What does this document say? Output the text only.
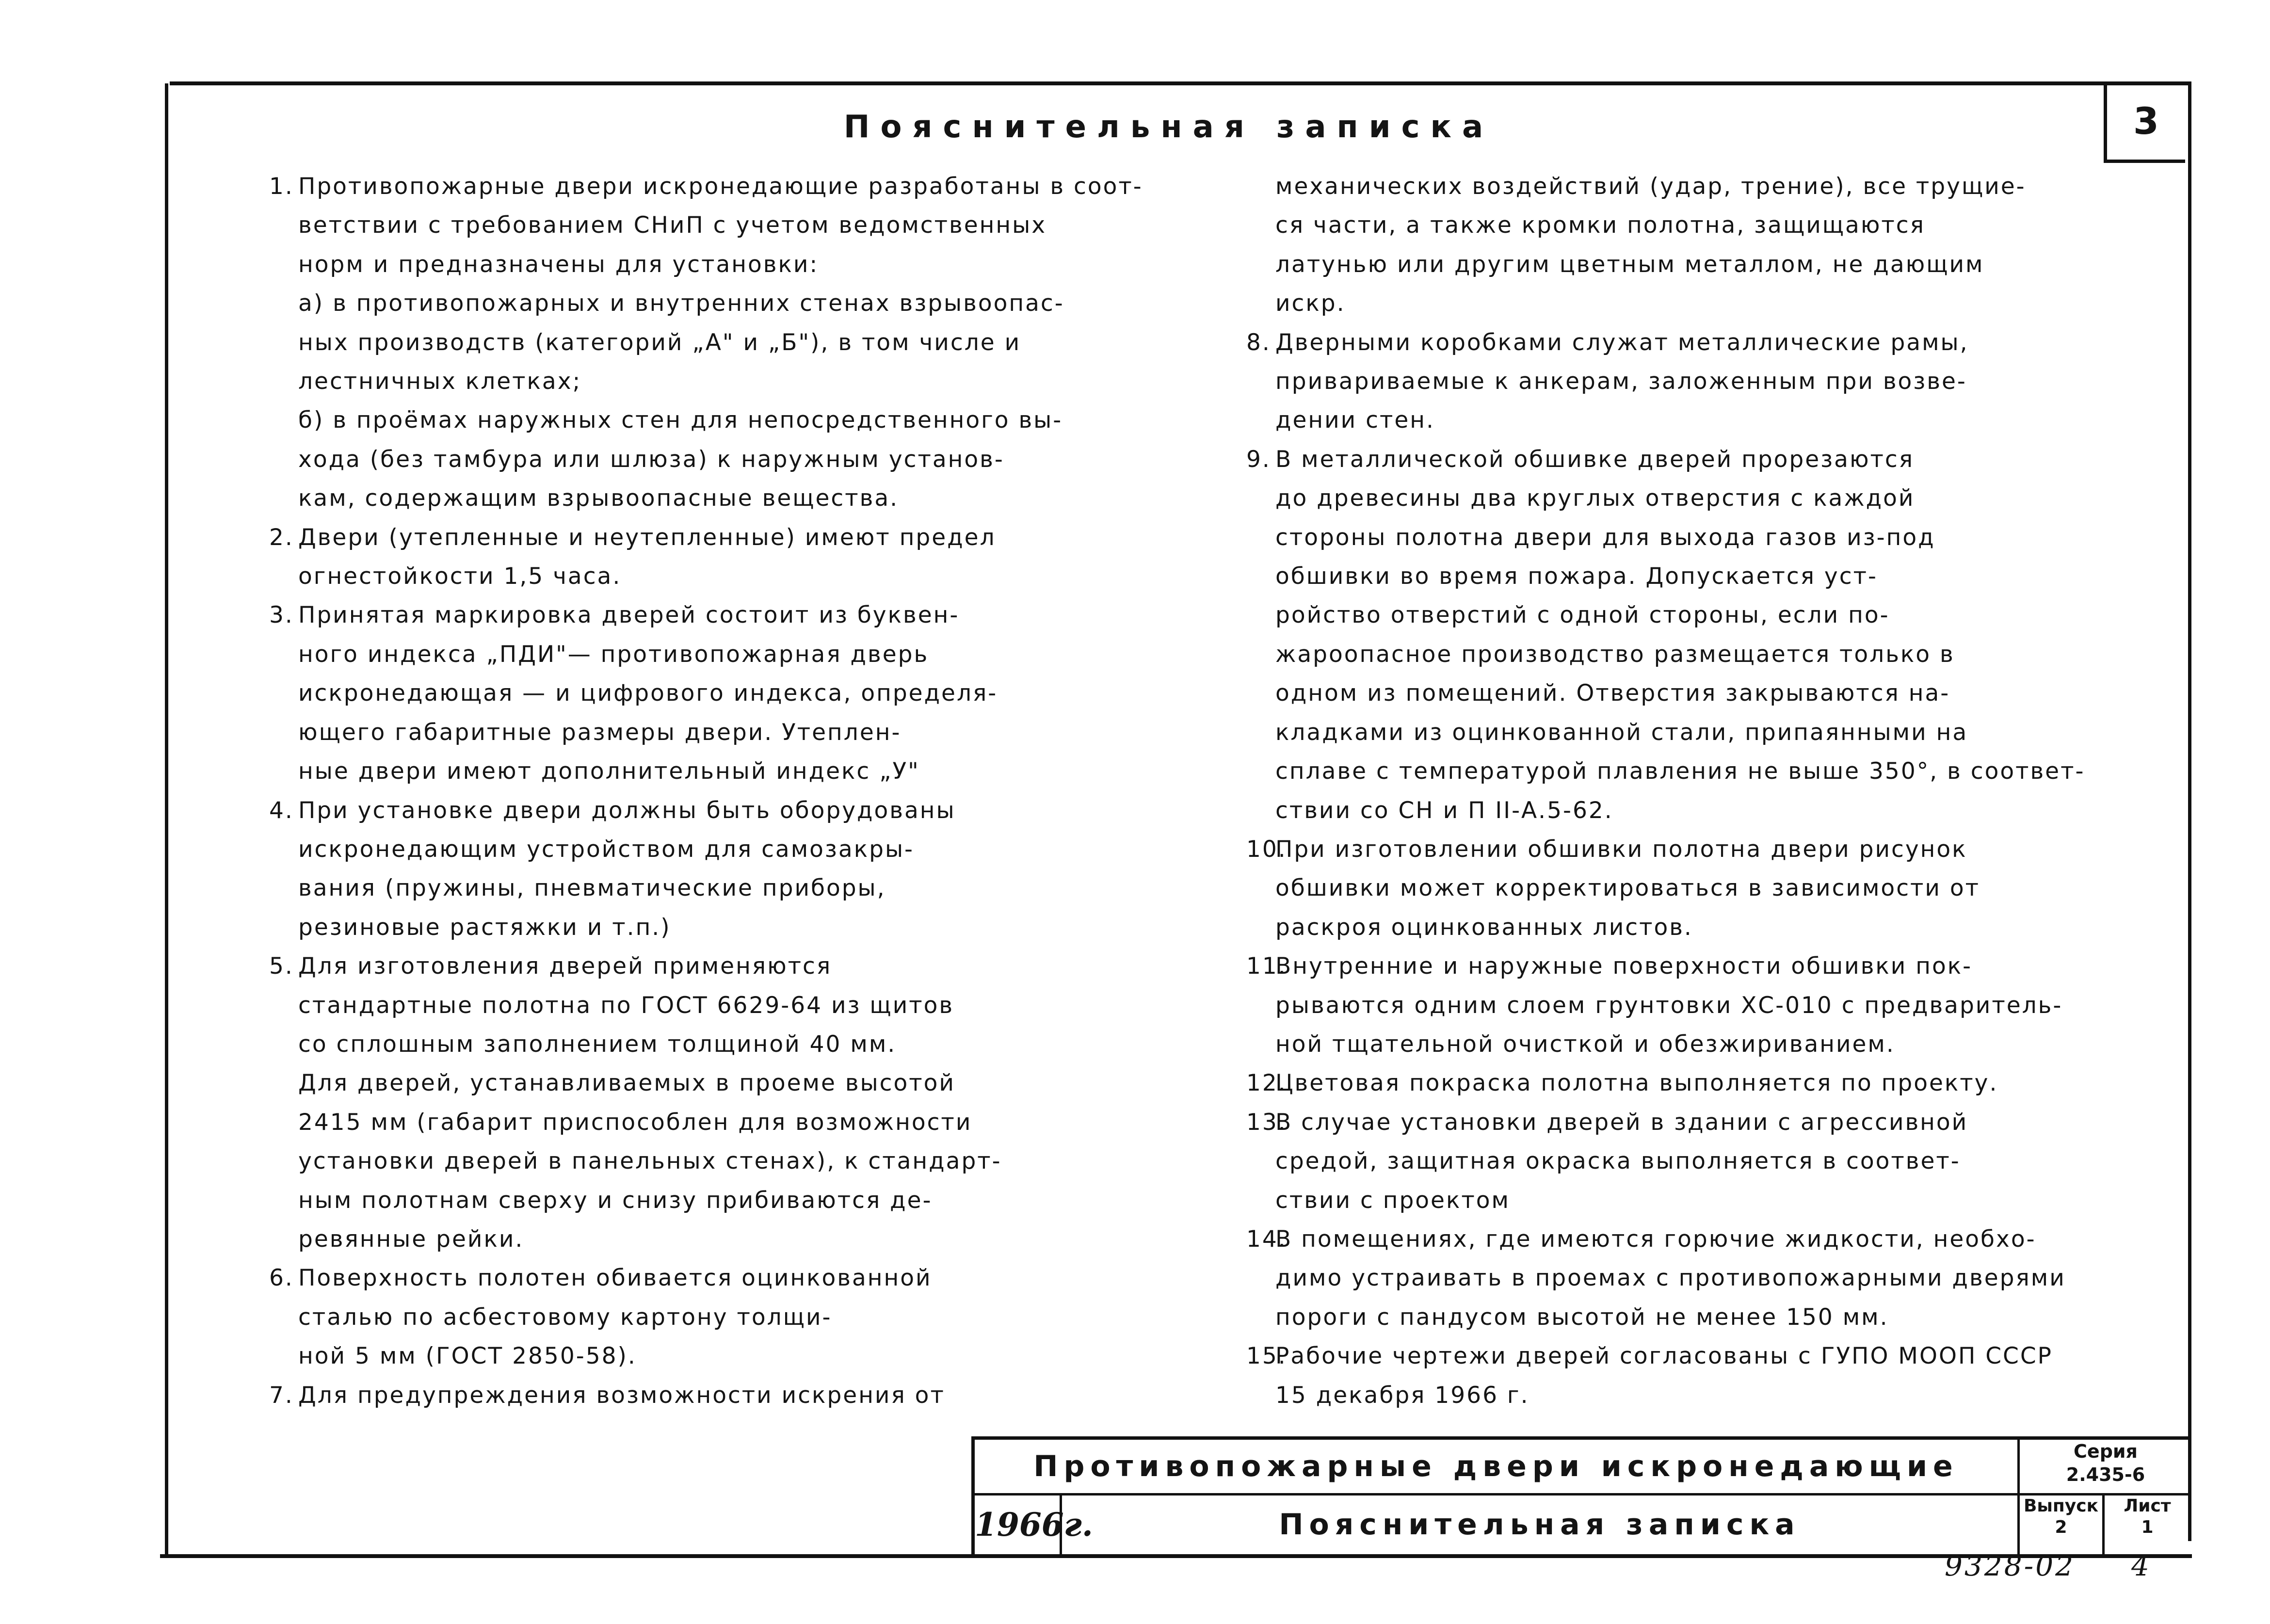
Пояснительная записка	3
1. Противопожарные двери искронедающие разработаны в соот-
ветствии с требованием СНиП с учетом ведомственных
норм и предназначены для установки:
а) в противопожарных и внутренних стенах взрывоопас-
ных производств (категорий „А" и „Б"), в том числе и
лестничных клетках;
б) в проёмах наружных стен для непосредственного вы-
хода (без тамбура или шлюза) к наружным установ-
кам, содержащим взрывоопасные вещества.
2. Двери (утепленные и неутепленные) имеют предел
огнестойкости 1,5 часа.
3. Принятая маркировка дверей состоит из буквен-
ного индекса „ПДИ"— противопожарная дверь
искронедающая — и цифрового индекса, определя-
ющего габаритные размеры двери. Утеплен-
ные двери имеют дополнительный индекс „У"
4. При установке двери должны быть оборудованы
искронедающим устройством для самозакры-
вания (пружины, пневматические приборы,
резиновые растяжки и т.п.)
5. Для изготовления дверей применяются
стандартные полотна по ГОСТ 6629-64 из щитов
со сплошным заполнением толщиной 40 мм.
Для дверей, устанавливаемых в проеме высотой
2415 мм (габарит приспособлен для возможности
установки дверей в панельных стенах), к стандарт-
ным полотнам сверху и снизу прибиваются де-
ревянные рейки.
6. Поверхность полотен обивается оцинкованной
сталью по асбестовому картону толщи-
ной 5 мм (ГОСТ 2850-58).
7. Для предупреждения возможности искрения от
механических воздействий (удар, трение), все трущие-
ся части, а также кромки полотна, защищаются
латунью или другим цветным металлом, не дающим
искр.
8. Дверными коробками служат металлические рамы,
привариваемые к анкерам, заложенным при возве-
дении стен.
9. В металлической обшивке дверей прорезаются
до древесины два круглых отверстия с каждой
стороны полотна двери для выхода газов из-под
обшивки во время пожара. Допускается уст-
ройство отверстий с одной стороны, если по-
жароопасное производство размещается только в
одном из помещений. Отверстия закрываются на-
кладками из оцинкованной стали, припаянными на
сплаве с температурой плавления не выше 350°, в соответ-
ствии со СН и П II-А.5-62.
10.
При изготовлении обшивки полотна двери рисунок
обшивки может корректироваться в зависимости от
раскроя оцинкованных листов.
11.
Внутренние и наружные поверхности обшивки пок-
рываются одним слоем грунтовки ХС-010 с предваритель-
ной тщательной очисткой и обезжириванием.
12.
Цветовая покраска полотна выполняется по проекту.
13.
В случае установки дверей в здании с агрессивной
средой, защитная окраска выполняется в соответ-
ствии с проектом
14.
В помещениях, где имеются горючие жидкости, необхо-
димо устраивать в проемах с противопожарными дверями
пороги с пандусом высотой не менее 150 мм.
15.
Рабочие чертежи дверей согласованы с ГУПО МООП СССР
15 декабря 1966 г.
Противопожарные двери искронедающие
1966г.	Пояснительная записка
Серия
2.435-6
Выпуск
2
Лист
1
9328-02 4
